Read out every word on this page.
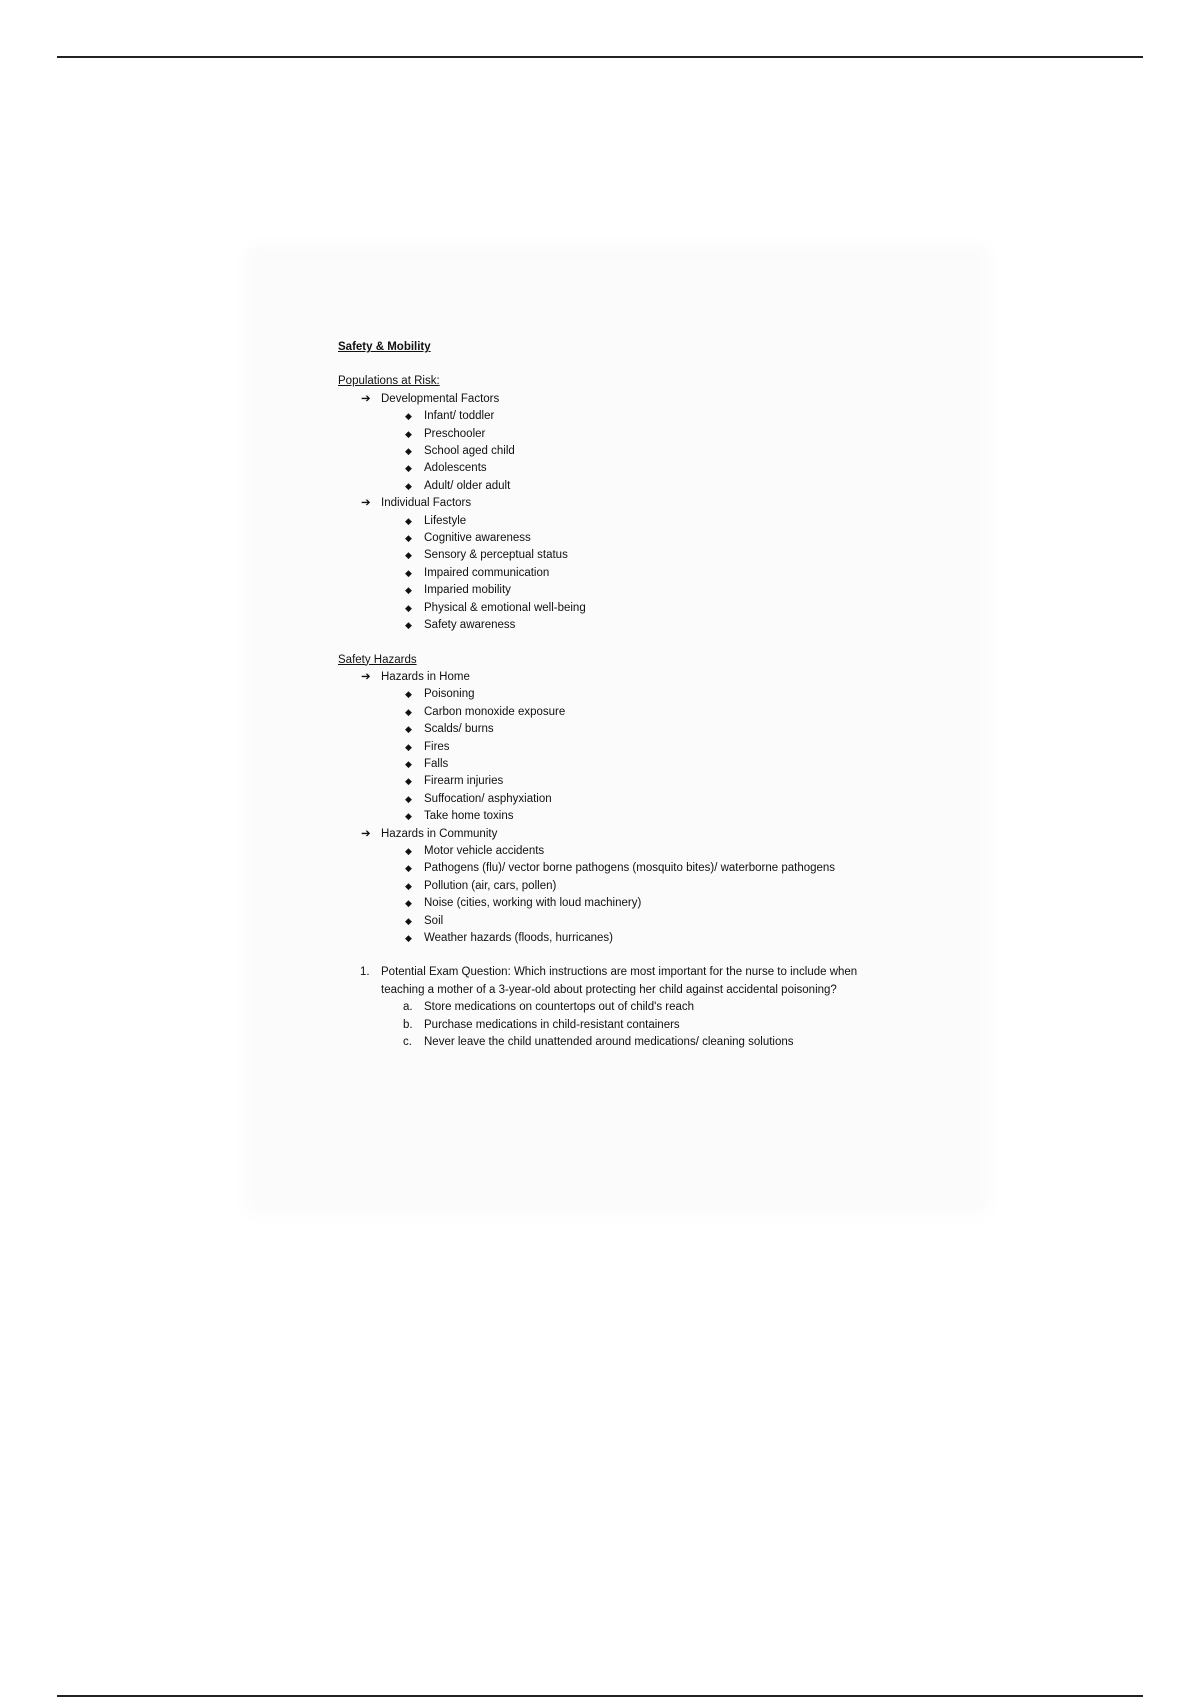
Safety & Mobility

Populations at Risk:

➔ Developmental Factors
◆ Infant/ toddler
◆ Preschooler
◆ School aged child
◆ Adolescents
◆ Adult/ older adult
➔ Individual Factors
◆ Lifestyle
◆ Cognitive awareness
◆ Sensory & perceptual status
◆ Impaired communication
◆ Imparied mobility
◆ Physical & emotional well-being
◆ Safety awareness

Safety Hazards

➔ Hazards in Home
◆ Poisoning
◆ Carbon monoxide exposure
◆ Scalds/ burns
◆ Fires
◆ Falls
◆ Firearm injuries
◆ Suffocation/ asphyxiation
◆ Take home toxins
➔ Hazards in Community
◆ Motor vehicle accidents
◆ Pathogens (flu)/ vector borne pathogens (mosquito bites)/ waterborne pathogens
◆ Pollution (air, cars, pollen)
◆ Noise (cities, working with loud machinery)
◆ Soil
◆ Weather hazards (floods, hurricanes)
1. Potential Exam Question: Which instructions are most important for the nurse to include when teaching a mother of a 3-year-old about protecting her child against accidental poisoning?
a. Store medications on countertops out of child's reach
b. Purchase medications in child-resistant containers
c. Never leave the child unattended around medications/ cleaning solutions
